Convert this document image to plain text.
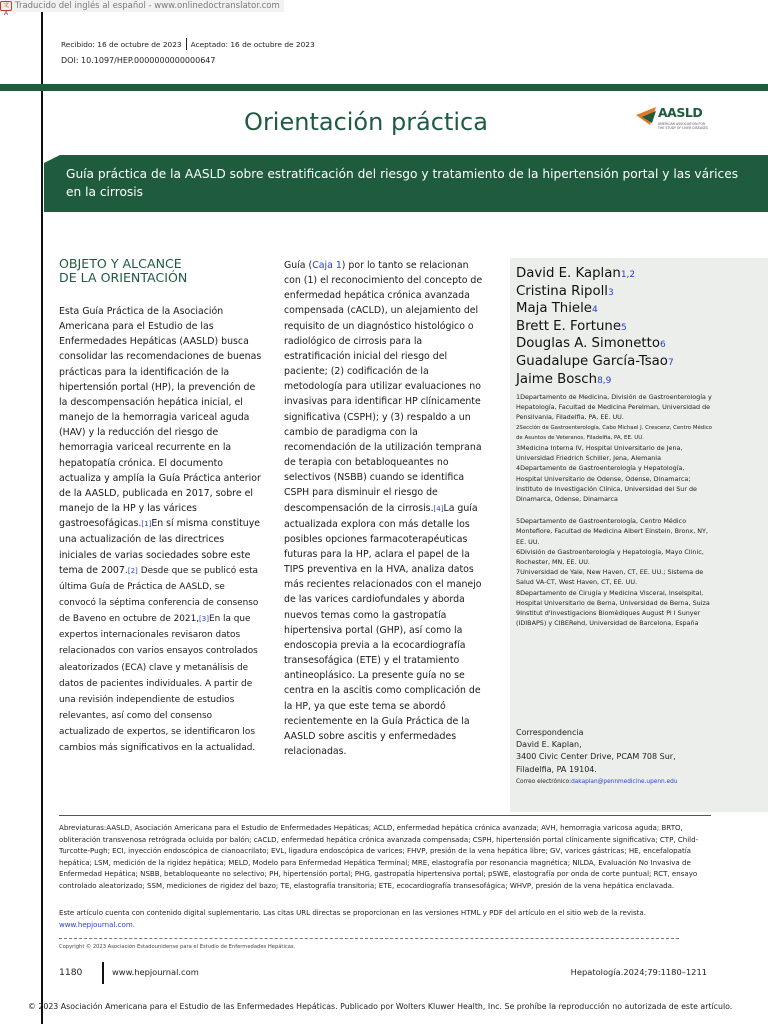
文A
Traducido del inglés al español - www.onlinedoctranslator.com
Recibido: 16 de octubre de 2023 Aceptado: 16 de octubre de 2023
DOI: 10.1097/HEP.0000000000000647
Orientación práctica	AASLD
AMERICAN ASSOCIATION FOR THE STUDY OF LIVER DISEASES
Guía práctica de la AASLD sobre estratificación del riesgo y tratamiento de la hipertensión portal y las várices en la cirrosis
OBJETO Y ALCANCE
DE LA ORIENTACIÓN
Esta Guía Práctica de la Asociación Americana para el Estudio de las Enfermedades Hepáticas (AASLD) busca consolidar las recomendaciones de buenas prácticas para la identificación de la hipertensión portal (HP), la prevención de la descompensación hepática inicial, el manejo de la hemorragia variceal aguda (HAV) y la reducción del riesgo de hemorragia variceal recurrente en la hepatopatía crónica. El documento actualiza y amplía la Guía Práctica anterior de la AASLD, publicada en 2017, sobre el manejo de la HP y las várices gastroesofágicas.[1]En sí misma constituye una actualización de las directrices iniciales de varias sociedades sobre este tema de 2007.[2] Desde que se publicó esta última Guía de Práctica de AASLD, se convocó la séptima conferencia de consenso de Baveno en octubre de 2021,[3]En la que expertos internacionales revisaron datos relacionados con varios ensayos controlados aleatorizados (ECA) clave y metanálisis de datos de pacientes individuales. A partir de una revisión independiente de estudios relevantes, así como del consenso actualizado de expertos, se identificaron los cambios más significativos en la actualidad.
Guía (Caja 1) por lo tanto se relacionan con (1) el reconocimiento del concepto de enfermedad hepática crónica avanzada compensada (cACLD), un alejamiento del requisito de un diagnóstico histológico o radiológico de cirrosis para la estratificación inicial del riesgo del paciente; (2) codificación de la metodología para utilizar evaluaciones no invasivas para identificar HP clínicamente significativa (CSPH); y (3) respaldo a un cambio de paradigma con la recomendación de la utilización temprana de terapia con betabloqueantes no selectivos (NSBB) cuando se identifica CSPH para disminuir el riesgo de descompensación de la cirrosis.[4]La guía actualizada explora con más detalle los posibles opciones farmacoterapéuticas futuras para la HP, aclara el papel de la TIPS preventiva en la HVA, analiza datos más recientes relacionados con el manejo de las varices cardiofundales y aborda nuevos temas como la gastropatía hipertensiva portal (GHP), así como la endoscopia previa a la ecocardiografía transesofágica (ETE) y el tratamiento antineoplásico. La presente guía no se centra en la ascitis como complicación de la HP, ya que este tema se abordó recientemente en la Guía Práctica de la AASLD sobre ascitis y enfermedades relacionadas.
David E. Kaplan1,2
Cristina Ripoll3
Maja Thiele4
Brett E. Fortune5
Douglas A. Simonetto6
Guadalupe García-Tsao7
Jaime Bosch8,9
1Departamento de Medicina, División de Gastroenterología y Hepatología, Facultad de Medicina Perelman, Universidad de Pensilvania, Filadelfia, PA, EE. UU.
2Sección de Gastroenterología, Cabo Michael J. Crescenz, Centro Médico de Asuntos de Veteranos, Filadelfia, PA, EE. UU.
3Medicina Interna IV, Hospital Universitario de Jena, Universidad Friedrich Schiller, Jena, Alemania
4Departamento de Gastroenterología y Hepatología, Hospital Universitario de Odense, Odense, Dinamarca; Instituto de Investigación Clínica, Universidad del Sur de Dinamarca, Odense, Dinamarca
5Departamento de Gastroenterología, Centro Médico Montefiore, Facultad de Medicina Albert Einstein, Bronx, NY, EE. UU.
6División de Gastroenterología y Hepatología, Mayo Clinic, Rochester, MN, EE. UU.
7Universidad de Yale, New Haven, CT, EE. UU.; Sistema de Salud VA-CT, West Haven, CT, EE. UU.
8Departamento de Cirugía y Medicina Visceral, Inselspital, Hospital Universitario de Berna, Universidad de Berna, Suiza
9Institut d'Investigacions Biomèdiques August Pi I Sunyer (IDIBAPS) y CIBERehd, Universidad de Barcelona, España
Correspondencia
David E. Kaplan,
3400 Civic Center Drive, PCAM 708 Sur,
Filadelfia, PA 19104.
Correo electrónico:dakaplan@pennmedicine.upenn.edu
Abreviaturas:AASLD, Asociación Americana para el Estudio de Enfermedades Hepáticas; ACLD, enfermedad hepática crónica avanzada; AVH, hemorragia varicosa aguda; BRTO, obliteración transvenosa retrógrada ocluida por balón; cACLD, enfermedad hepática crónica avanzada compensada; CSPH, hipertensión portal clínicamente significativa; CTP, Child-Turcotte-Pugh; ECI, inyección endoscópica de cianoacrilato; EVL, ligadura endoscópica de varices; FHVP, presión de la vena hepática libre; GV, varices gástricas; HE, encefalopatía hepática; LSM, medición de la rigidez hepática; MELD, Modelo para Enfermedad Hepática Terminal; MRE, elastografía por resonancia magnética; NILDA, Evaluación No Invasiva de Enfermedad Hepática; NSBB, betabloqueante no selectivo; PH, hipertensión portal; PHG, gastropatía hipertensiva portal; pSWE, elastografía por onda de corte puntual; RCT, ensayo controlado aleatorizado; SSM, mediciones de rigidez del bazo; TE, elastografía transitoria; ETE, ecocardiografía transesofágica; WHVP, presión de la vena hepática enclavada.
Este artículo cuenta con contenido digital suplementario. Las citas URL directas se proporcionan en las versiones HTML y PDF del artículo en el sitio web de la revista.
www.hepjournal.com.
Copyright © 2023 Asociación Estadounidense para el Estudio de Enfermedades Hepáticas.
1180	www.hepjournal.com	Hepatología.2024;79:1180–1211
© 2023 Asociación Americana para el Estudio de las Enfermedades Hepáticas. Publicado por Wolters Kluwer Health, Inc. Se prohíbe la reproducción no autorizada de este artículo.
